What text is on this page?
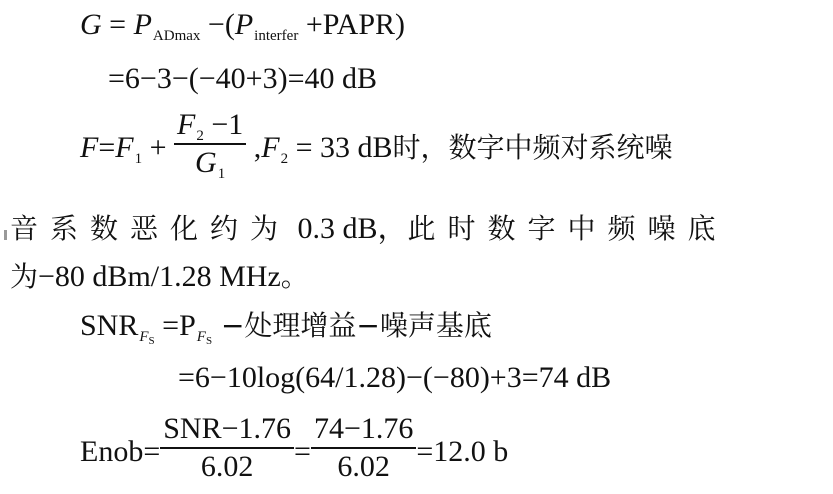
$G = P_{ADmax} -(P_{interfer}$ +PAPR)
=6−3−(−40+3)=40 dB
$F=F_1 + \frac{F_2 -1}{G_1} ,F_2 = 33$ dB时，数字中频对系统噪
音系数恶化约为 0.3 dB，此时数字中频噪底
为−80 dBm/1.28 MHz。
$SNR_{FS} =P_{FS}$ −处理增益−噪声基底
=6−10log(64/1.28)−(−80)+3=74 dB
Enob= $\frac{\text{SNR−1.76}}{6.02} = \frac{74-1.76}{6.02} =12.0$ b
